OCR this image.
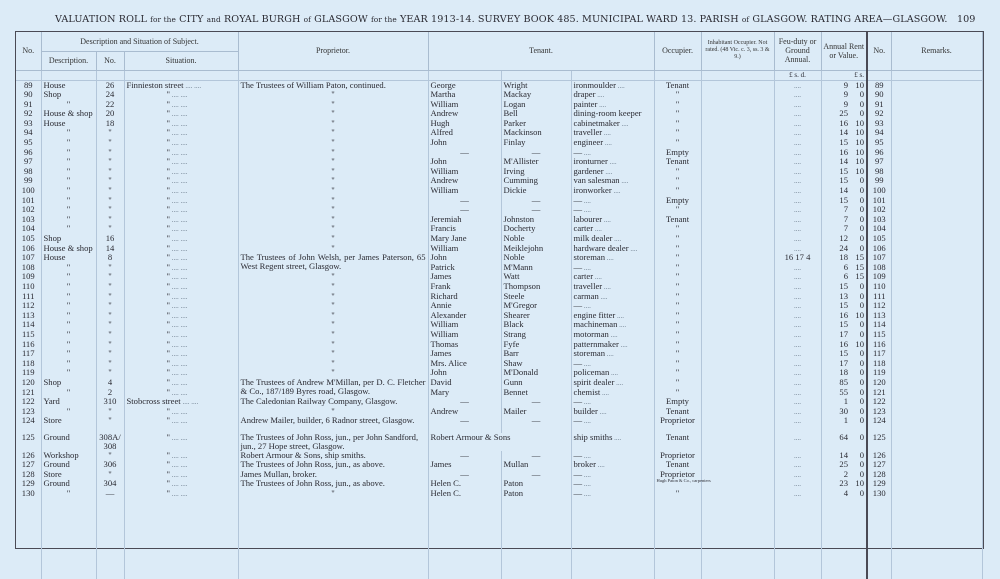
VALUATION ROLL for the CITY and ROYAL BURGH of GLASGOW for the YEAR 1913-14. SURVEY BOOK 485. MUNICIPAL WARD 13. PARISH of GLASGOW. RATING AREA—GLASGOW. 109
No.	Description and Situation of Subject.			Proprietor.	Tenant.			Occupier.	Inhabitant Occupier. Not rated. (48 Vic. c. 3, ss. 3 & 9.)	Feu-duty or Ground Annual.	Annual Rent or Value.	No.	Remarks.
	Description.	No.	Situation.										
										£ s. d.	£ s.		
89	House	26	Finnieston street .... ....	The Trustees of William Paton, continued.	George	Wright	ironmoulder ....	Tenant		....	9 10	89	
90	Shop	24	" .... ....	"	Martha	Mackay	draper ....	"		....	9 0	90	
91	"	22	" .... ....	"	William	Logan	painter ....	"		....	9 0	91	
92	House & shop	20	" .... ....	"	Andrew	Bell	dining-room keeper	"		....	25 0	92	
93	House	18	" .... ....	"	Hugh	Parker	cabinetmaker ....	"		....	16 10	93	
94	"	"	" .... ....	"	Alfred	Mackinson	traveller ....	"		....	14 10	94	
95	"	"	" .... ....	"	John	Finlay	engineer ....	"		....	15 10	95	
96	"	"	" .... ....	"	—	—	— ....	Empty		....	16 10	96	
97	"	"	" .... ....	"	John	M'Allister	ironturner ....	Tenant		....	14 10	97	
98	"	"	" .... ....	"	William	Irving	gardener ....	"		....	15 10	98	
99	"	"	" .... ....	"	Andrew	Cumming	van salesman ....	"		....	15 0	99	
100	"	"	" .... ....	"	William	Dickie	ironworker ....	"		....	14 0	100	
101	"	"	" .... ....	"	—	—	— ....	Empty		....	15 0	101	
102	"	"	" .... ....	"	—	—	— ....	"		....	7 0	102	
103	"	"	" .... ....	"	Jeremiah	Johnston	labourer ....	Tenant		....	7 0	103	
104	"	"	" .... ....	"	Francis	Docherty	carter ....	"		....	7 0	104	
105	Shop	16	" .... ....	"	Mary Jane	Noble	milk dealer ....	"		....	12 0	105	
106	House & shop	14	" .... ....	"	William	Meiklejohn	hardware dealer ....	"		....	24 0	106	
107	House	8	" .... ....	The Trustees of John Welsh, per James Paterson, 65 West Regent street, Glasgow.	John	Noble	storeman ....	"		16 17 4	18 15	107	
108	"	"	" .... ....		Patrick	M'Mann	— ....	"		....	6 15	108	
109	"	"	" .... ....	"	James	Watt	carter ....	"		....	6 15	109	
110	"	"	" .... ....	"	Frank	Thompson	traveller ....	"		....	15 0	110	
111	"	"	" .... ....	"	Richard	Steele	carman ....	"		....	13 0	111	
112	"	"	" .... ....	"	Annie	M'Gregor	— ....	"		....	15 0	112	
113	"	"	" .... ....	"	Alexander	Shearer	engine fitter ....	"		....	16 10	113	
114	"	"	" .... ....	"	William	Black	machineman ....	"		....	15 0	114	
115	"	"	" .... ....	"	William	Strang	motorman ....	"		....	17 0	115	
116	"	"	" .... ....	"	Thomas	Fyfe	patternmaker ....	"		....	16 10	116	
117	"	"	" .... ....	"	James	Barr	storeman ....	"		....	15 0	117	
118	"	"	" .... ....	"	Mrs. Alice	Shaw	— ....	"		....	17 0	118	
119	"	"	" .... ....	"	John	M'Donald	policeman ....	"		....	18 0	119	
120	Shop	4	" .... ....	The Trustees of Andrew M'Millan, per D. C. Fletcher & Co., 187/189 Byres road, Glasgow.	David	Gunn	spirit dealer ....	"		....	85 0	120	
121	"	2	" .... ....		Mary	Bennet	chemist ....	"		....	55 0	121	
122	Yard	310	Stobcross street .... ....	The Caledonian Railway Company, Glasgow.	—	—	— ....	Empty		....	1 0	122	
123	"	"	" .... ....	"	Andrew	Mailer	builder ....	Tenant		....	30 0	123	
124	Store	"	" .... ....	Andrew Mailer, builder, 6 Radnor street, Glasgow.	—	—	— ....	Proprietor		....	1 0	124	
125	Ground	308A/ 308	" .... ....	The Trustees of John Ross, jun., per John Sandford, jun., 27 Hope street, Glasgow.	Robert Armour & Sons		ship smiths ....	Tenant		....	64 0	125	
126	Workshop	"	" .... ....	Robert Armour & Sons, ship smiths.	—	—	— ....	Proprietor		....	14 0	126	
127	Ground	306	" .... ....	The Trustees of John Ross, jun., as above.	James	Mullan	broker ....	Tenant		....	25 0	127	
128	Store	"	" .... ....	James Mullan, broker.	—	—	— ....	Proprietor		....	2 0	128	
129	Ground	304	" .... ....	The Trustees of John Ross, jun., as above.	Helen C.	Paton	— ....	Hugh Paton & Co., carpenters		....	23 10	129	
130	"	—	" .... ....	"	Helen C.	Paton	— ....	"		....	4 0	130	
